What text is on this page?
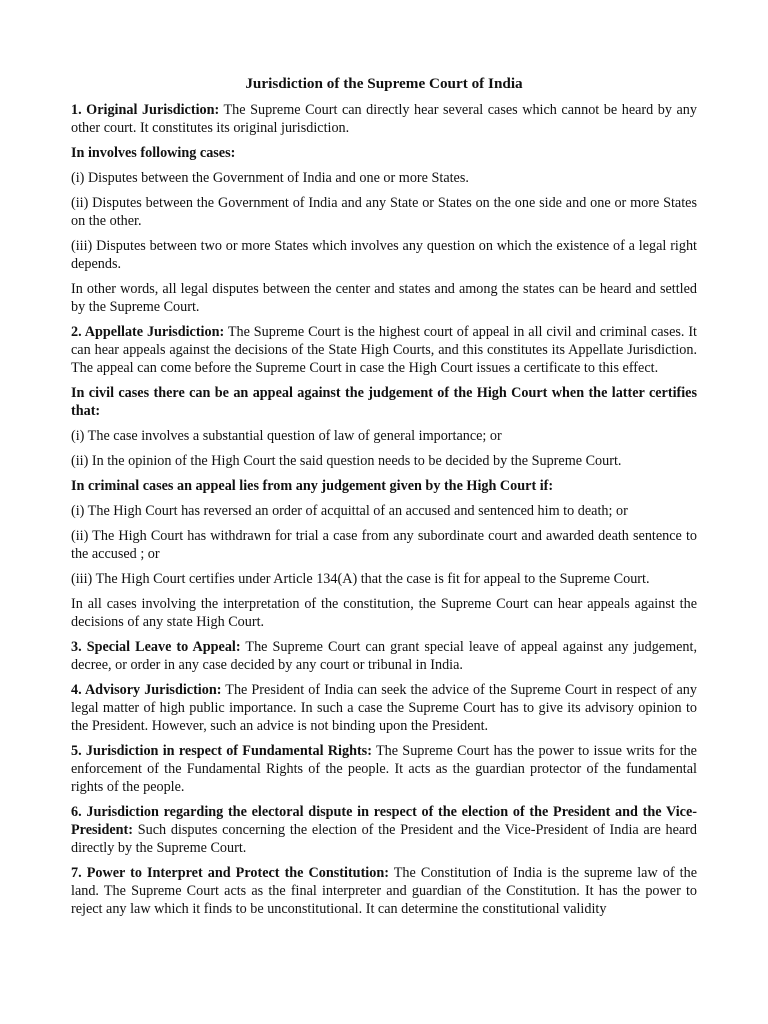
Jurisdiction of the Supreme Court of India

1. Original Jurisdiction: The Supreme Court can directly hear several cases which cannot be heard by any other court. It constitutes its original jurisdiction.

In involves following cases:

(i) Disputes between the Government of India and one or more States.

(ii) Disputes between the Government of India and any State or States on the one side and one or more States on the other.

(iii) Disputes between two or more States which involves any question on which the existence of a legal right depends.

In other words, all legal disputes between the center and states and among the states can be heard and settled by the Supreme Court.

2. Appellate Jurisdiction: The Supreme Court is the highest court of appeal in all civil and criminal cases. It can hear appeals against the decisions of the State High Courts, and this constitutes its Appellate Jurisdiction. The appeal can come before the Supreme Court in case the High Court issues a certificate to this effect.

In civil cases there can be an appeal against the judgement of the High Court when the latter certifies that:

(i) The case involves a substantial question of law of general importance; or

(ii) In the opinion of the High Court the said question needs to be decided by the Supreme Court.

In criminal cases an appeal lies from any judgement given by the High Court if:

(i) The High Court has reversed an order of acquittal of an accused and sentenced him to death; or

(ii) The High Court has withdrawn for trial a case from any subordinate court and awarded death sentence to the accused ; or

(iii) The High Court certifies under Article 134(A) that the case is fit for appeal to the Supreme Court.

In all cases involving the interpretation of the constitution, the Supreme Court can hear appeals against the decisions of any state High Court.

3. Special Leave to Appeal: The Supreme Court can grant special leave of appeal against any judgement, decree, or order in any case decided by any court or tribunal in India.

4. Advisory Jurisdiction: The President of India can seek the advice of the Supreme Court in respect of any legal matter of high public importance. In such a case the Supreme Court has to give its advisory opinion to the President. However, such an advice is not binding upon the President.

5. Jurisdiction in respect of Fundamental Rights: The Supreme Court has the power to issue writs for the enforcement of the Fundamental Rights of the people. It acts as the guardian protector of the fundamental rights of the people.

6. Jurisdiction regarding the electoral dispute in respect of the election of the President and the Vice-President: Such disputes concerning the election of the President and the Vice-President of India are heard directly by the Supreme Court.

7. Power to Interpret and Protect the Constitution: The Constitution of India is the supreme law of the land. The Supreme Court acts as the final interpreter and guardian of the Constitution. It has the power to reject any law which it finds to be unconstitutional. It can determine the constitutional validity
